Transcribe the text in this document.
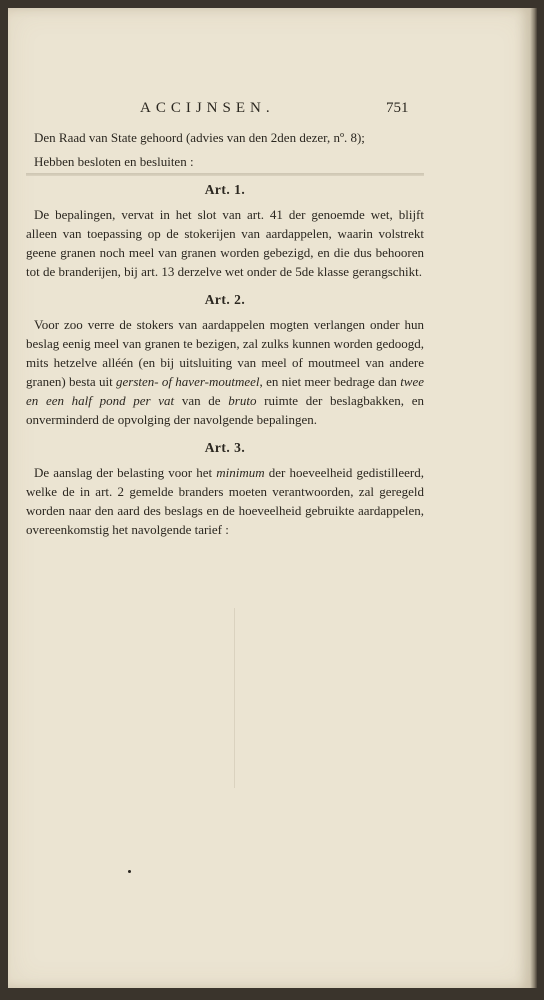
ACCIJNSEN.	751

Den Raad van State gehoord (advies van den 2den dezer, nº. 8);

Hebben besloten en besluiten :

Art. 1.

De bepalingen, vervat in het slot van art. 41 der genoemde wet, blijft alleen van toepassing op de stokerijen van aardappelen, waarin volstrekt geene granen noch meel van granen worden gebezigd, en die dus behooren tot de branderijen, bij art. 13 derzelve wet onder de 5de klasse gerangschikt.

Art. 2.

Voor zoo verre de stokers van aardappelen mogten verlangen onder hun beslag eenig meel van granen te bezigen, zal zulks kunnen worden gedoogd, mits hetzelve alléén (en bij uitsluiting van meel of moutmeel van andere granen) besta uit gersten- of haver-moutmeel, en niet meer bedrage dan twee en een half pond per vat van de bruto ruimte der beslagbakken, en onverminderd de opvolging der navolgende bepalingen.

Art. 3.

De aanslag der belasting voor het minimum der hoeveelheid gedistilleerd, welke de in art. 2 gemelde branders moeten verantwoorden, zal geregeld worden naar den aard des beslags en de hoeveelheid gebruikte aardappelen, overeenkomstig het navolgende tarief :
